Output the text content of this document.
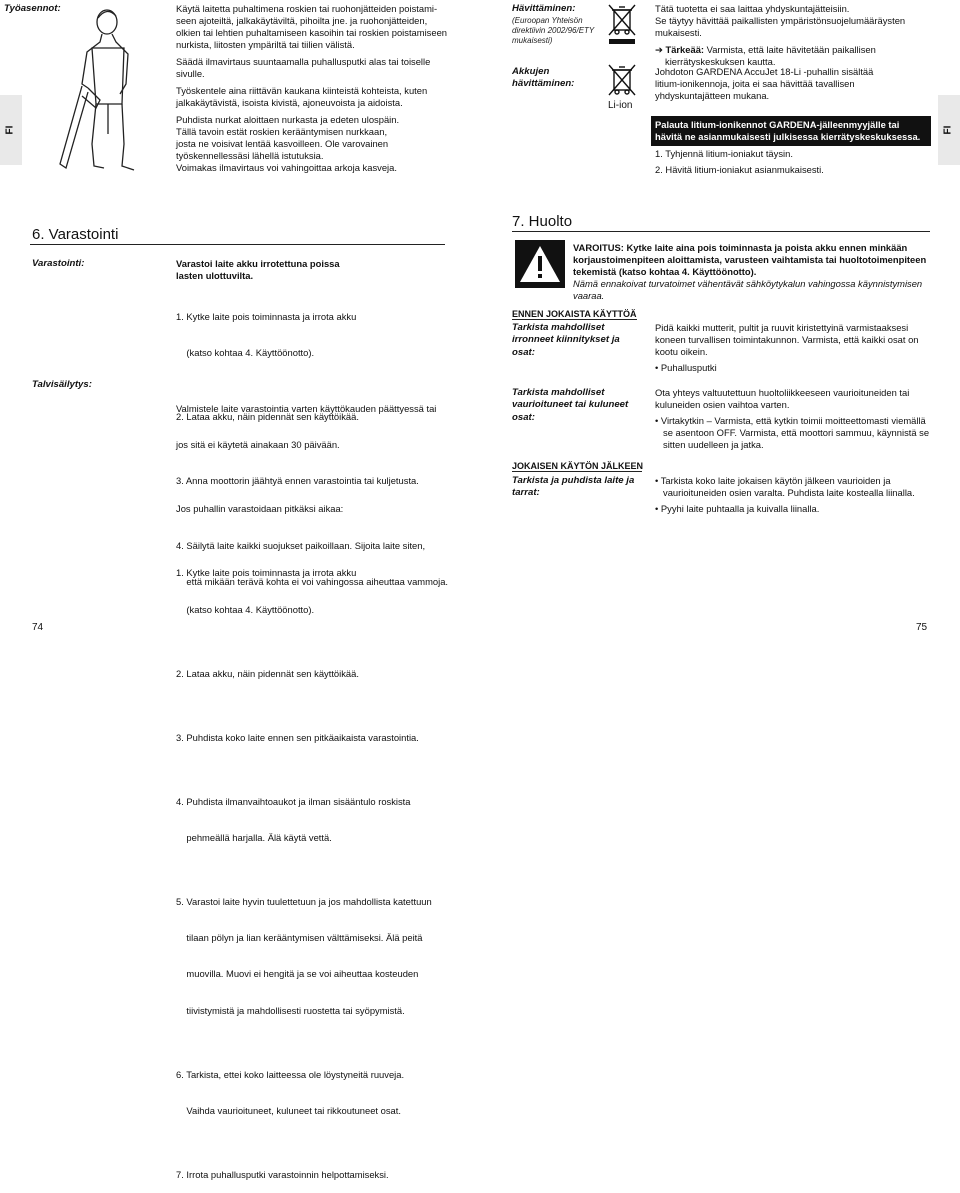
Työasennot:	Käytä laitetta puhaltimena roskien tai ruohonjätteiden poistami-
seen ajoteiltä, jalkakäytäviltä, pihoilta jne. ja ruohonjätteiden,
olkien tai lehtien puhaltamiseen kasoihin tai roskien poistamiseen
nurkista, liitosten ympäriltä tai tiilien välistä.
Säädä ilmavirtaus suuntaamalla puhallusputki alas tai toiselle
sivulle.
Työskentele aina riittävän kaukana kiinteistä kohteista, kuten
jalkakäytävistä, isoista kivistä, ajoneuvoista ja aidoista.
Puhdista nurkat aloittaen nurkasta ja edeten ulospäin.
Tällä tavoin estät roskien kerääntymisen nurkkaan,
josta ne voisivat lentää kasvoilleen. Ole varovainen
työskennellessäsi lähellä istutuksia.
Voimakas ilmavirtaus voi vahingoittaa arkoja kasveja.
FI
6. Varastointi
Varastointi:	Varastoi laite akku irrotettuna poissa lasten ulottuvilta.

1. Kytke laite pois toiminnasta ja irrota akku

(katso kohtaa 4. Käyttöönotto).

2. Lataa akku, näin pidennät sen käyttöikää.

3. Anna moottorin jäähtyä ennen varastointia tai kuljetusta.

4. Säilytä laite kaikki suojukset paikoillaan. Sijoita laite siten,

että mikään terävä kohta ei voi vahingossa aiheuttaa vammoja.

Talvisäilytys:

Valmistele laite varastointia varten käyttökauden päättyessä tai

jos sitä ei käytetä ainakaan 30 päivään.

Jos puhallin varastoidaan pitkäksi aikaa:

1. Kytke laite pois toiminnasta ja irrota akku

(katso kohtaa 4. Käyttöönotto).

2. Lataa akku, näin pidennät sen käyttöikää.

3. Puhdista koko laite ennen sen pitkäaikaista varastointia.

4. Puhdista ilmanvaihtoaukot ja ilman sisääntulo roskista

pehmeällä harjalla. Älä käytä vettä.

5. Varastoi laite hyvin tuulettetuun ja jos mahdollista katettuun

tilaan pölyn ja lian kerääntymisen välttämiseksi. Älä peitä

muovilla. Muovi ei hengitä ja se voi aiheuttaa kosteuden

tiivistymistä ja mahdollisesti ruostetta tai syöpymistä.

6. Tarkista, ettei koko laitteessa ole löystyneitä ruuveja.

Vaihda vaurioituneet, kuluneet tai rikkoutuneet osat.

7. Irrota puhallusputki varastoinnin helpottamiseksi.

74
Hävittäminen:
(Euroopan Yhteisön direktiivin 2002/96/ETY mukaisesti)
Tätä tuotetta ei saa laittaa yhdyskuntajätteisiin.
Se täytyy hävittää paikallisten ympäristönsuojelumääräysten
mukaisesti.
➔ Tärkeää: Varmista, että laite hävitetään paikallisen
kierrätyskeskuksen kautta.
Akkujen
hävittäminen:
Li-ion
Johdoton GARDENA AccuJet 18-Li -puhallin sisältää
litium-ionikennoja, joita ei saa hävittää tavallisen
yhdyskuntajätteen mukana.
Palauta litium-ionikennot GARDENA-jälleenmyyjälle tai
hävitä ne asianmukaisesti julkisessa kierrätyskeskuksessa.
1. Tyhjennä litium-ioniakut täysin.
2. Hävitä litium-ioniakut asianmukaisesti.
FI
7. Huolto
VAROITUS: Kytke laite aina pois toiminnasta ja poista akku ennen minkään
korjaustoimenpiteen aloittamista, varusteen vaihtamista tai huoltotoimenpiteen
tekemistä (katso kohtaa 4. Käyttöönotto).
Nämä ennakoivat turvatoimet vähentävät sähköytykalun vahingossa käynnistymisen
vaaraa.
ENNEN JOKAISTA KÄYTTÖÄ
Tarkista mahdolliset
irronneet kiinnitykset ja
osat:
Pidä kaikki mutterit, pultit ja ruuvit kiristettyinä varmistaaksesi
koneen turvallisen toimintakunnon. Varmista, että kaikki osat on
kootu oikein.
• Puhallusputki
Tarkista mahdolliset
vaurioituneet tai kuluneet
osat:
Ota yhteys valtuutettuun huoltoliikkeeseen vaurioituneiden tai
kuluneiden osien vaihtoa varten.
• Virtakytkin – Varmista, että kytkin toimii moitteettomasti viemällä
se asentoon OFF. Varmista, että moottori sammuu, käynnistä se
sitten uudelleen ja jatka.
JOKAISEN KÄYTÖN JÄLKEEN
Tarkista ja puhdista laite ja
tarrat:
• Tarkista koko laite jokaisen käytön jälkeen vaurioiden ja
vaurioituneiden osien varalta. Puhdista laite kostealla liinalla.
• Pyyhi laite puhtaalla ja kuivalla liinalla.
75
